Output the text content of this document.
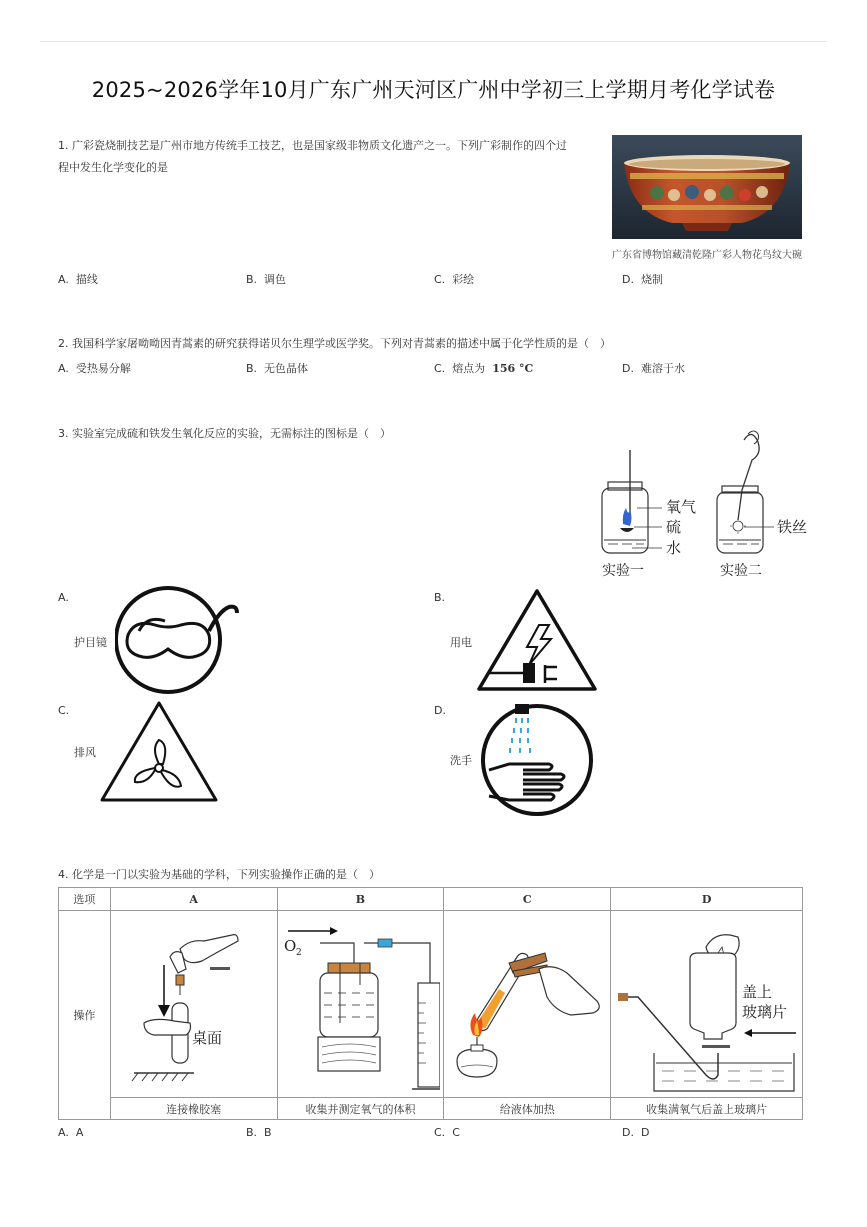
2025~2026学年10月广东广州天河区广州中学初三上学期月考化学试卷
1. 广彩瓷烧制技艺是广州市地方传统手工技艺，也是国家级非物质文化遗产之一。下列广彩制作的四个过
程中发生化学变化的是
广东省博物馆藏清乾隆广彩人物花鸟纹大碗
A. 描线	B. 调色	C. 彩绘	D. 烧制
2. 我国科学家屠呦呦因青蒿素的研究获得诺贝尔生理学或医学奖。下列对青蒿素的描述中属于化学性质的是（　）
A. 受热易分解	B. 无色晶体	C. 熔点为 156 °C	D. 难溶于水
3. 实验室完成硫和铁发生氧化反应的实验，无需标注的图标是（　）
氧气
硫
水
实验一
铁丝
实验二
A.
护目镜
B.
用电
C.
排风
D.
洗手
4. 化学是一门以实验为基础的学科，下列实验操作正确的是（　）
选项	A	B	C	D
操作	桌面	O 2		盖上
玻璃片

	连接橡胶塞	收集并测定氧气的体积	给液体加热	收集满氧气后盖上玻璃片
A. A	B. B	C. C	D. D
